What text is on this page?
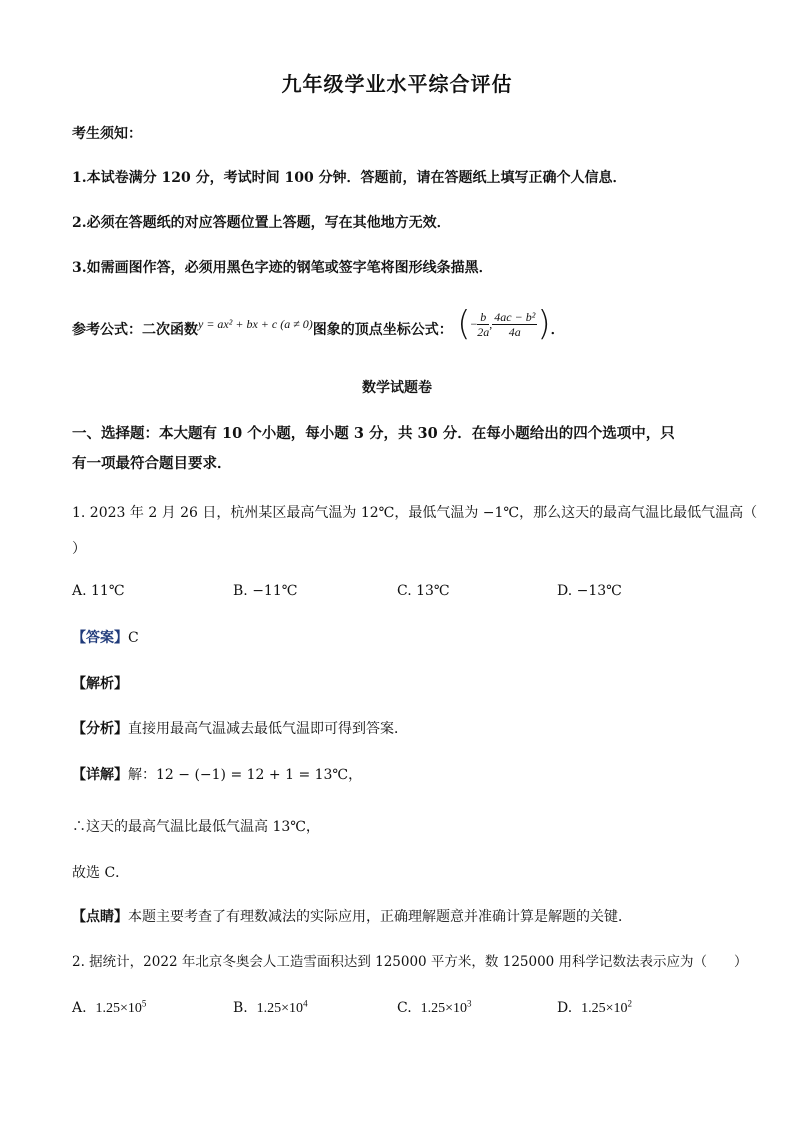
九年级学业水平综合评估
考生须知：
1.本试卷满分 120 分，考试时间 100 分钟．答题前，请在答题纸上填写正确个人信息．
2.必须在答题纸的对应答题位置上答题，写在其他地方无效．
3.如需画图作答，必须用黑色字迹的钢笔或签字笔将图形线条描黑．
参考公式：二次函数y = ax² + bx + c (a ≠ 0)图象的顶点坐标公式： (− $\frac{b}{2a}$ , $\frac{\text{4ac − b²}}{4a}$ )．
数学试题卷
一、选择题：本大题有 10 个小题，每小题 3 分，共 30 分．在每小题给出的四个选项中，只
有一项最符合题目要求．
1. 2023 年 2 月 26 日，杭州某区最高气温为 12℃，最低气温为 −1℃，那么这天的最高气温比最低气温高（
）
A. 11℃	B. −11℃	C. 13℃	D. −13℃
【答案】C
【解析】
【分析】直接用最高气温减去最低气温即可得到答案．
【详解】解：12 − (−1) = 12 + 1 = 13℃，
∴这天的最高气温比最低气温高 13℃，
故选 C．
【点睛】本题主要考查了有理数减法的实际应用，正确理解题意并准确计算是解题的关键．
2. 据统计，2022 年北京冬奥会人工造雪面积达到 125000 平方米，数 125000 用科学记数法表示应为（　　）
A. $1.25\times 10^5$	B. $1.25\times 10^4$	C. $1.25\times 10^3$	D. $1.25\times 10^2$
